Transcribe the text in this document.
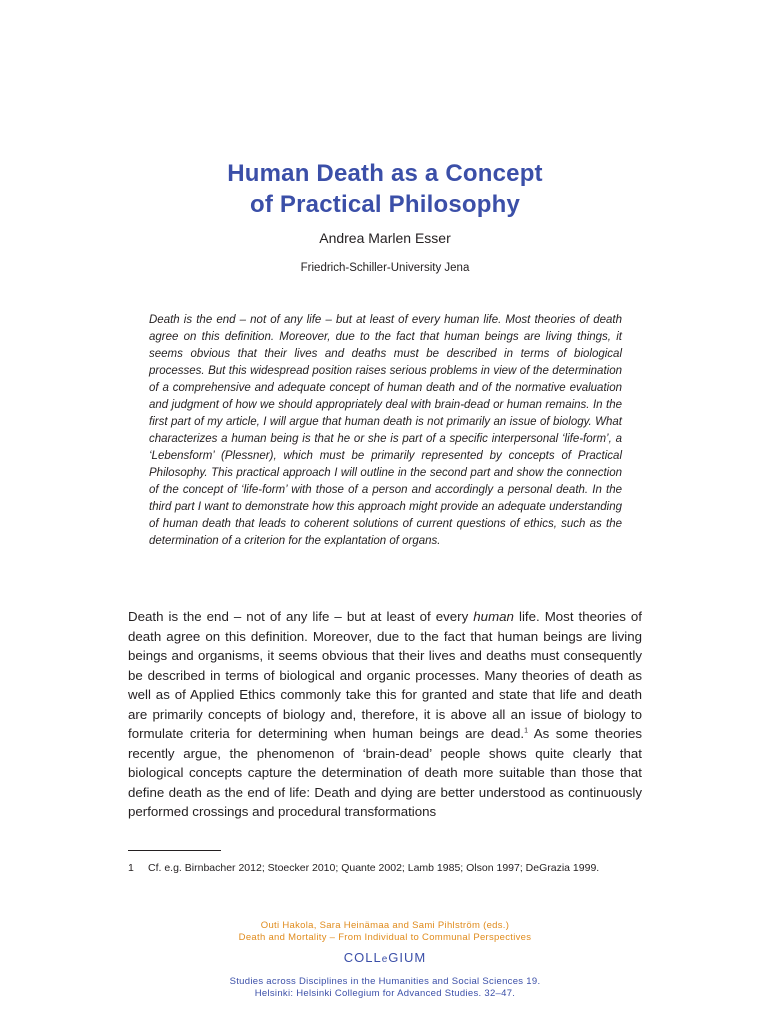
Human Death as a Concept
of Practical Philosophy
Andrea Marlen Esser
Friedrich-Schiller-University Jena
Death is the end – not of any life – but at least of every human life. Most theories of death agree on this definition. Moreover, due to the fact that human beings are living things, it seems obvious that their lives and deaths must be described in terms of biological processes. But this widespread position raises serious problems in view of the determination of a comprehensive and adequate concept of human death and of the normative evaluation and judgment of how we should appropriately deal with brain-dead or human remains. In the first part of my article, I will argue that human death is not primarily an issue of biology. What characterizes a human being is that he or she is part of a specific interpersonal ‘life-form’, a ‘Lebensform’ (Plessner), which must be primarily represented by concepts of Practical Philosophy. This practical approach I will outline in the second part and show the connection of the concept of ‘life-form’ with those of a person and accordingly a personal death. In the third part I want to demonstrate how this approach might provide an adequate understanding of human death that leads to coherent solutions of current questions of ethics, such as the determination of a criterion for the explantation of organs.
Death is the end – not of any life – but at least of every human life. Most theories of death agree on this definition. Moreover, due to the fact that human beings are living beings and organisms, it seems obvious that their lives and deaths must consequently be described in terms of biological and organic processes. Many theories of death as well as of Applied Ethics commonly take this for granted and state that life and death are primarily concepts of biology and, therefore, it is above all an issue of biology to formulate criteria for determining when human beings are dead.$^1$ As some theories recently argue, the phenomenon of ‘brain-dead’ people shows quite clearly that biological concepts capture the determination of death more suitable than those that define death as the end of life: Death and dying are better understood as continuously performed crossings and procedural transformations
1 Cf. e.g. Birnbacher 2012; Stoecker 2010; Quante 2002; Lamb 1985; Olson 1997; DeGrazia 1999.
Outi Hakola, Sara Heinämaa and Sami Pihlström (eds.)
Death and Mortality – From Individual to Communal Perspectives
COLLeGIUM
Studies across Disciplines in the Humanities and Social Sciences 19.
Helsinki: Helsinki Collegium for Advanced Studies. 32–47.
